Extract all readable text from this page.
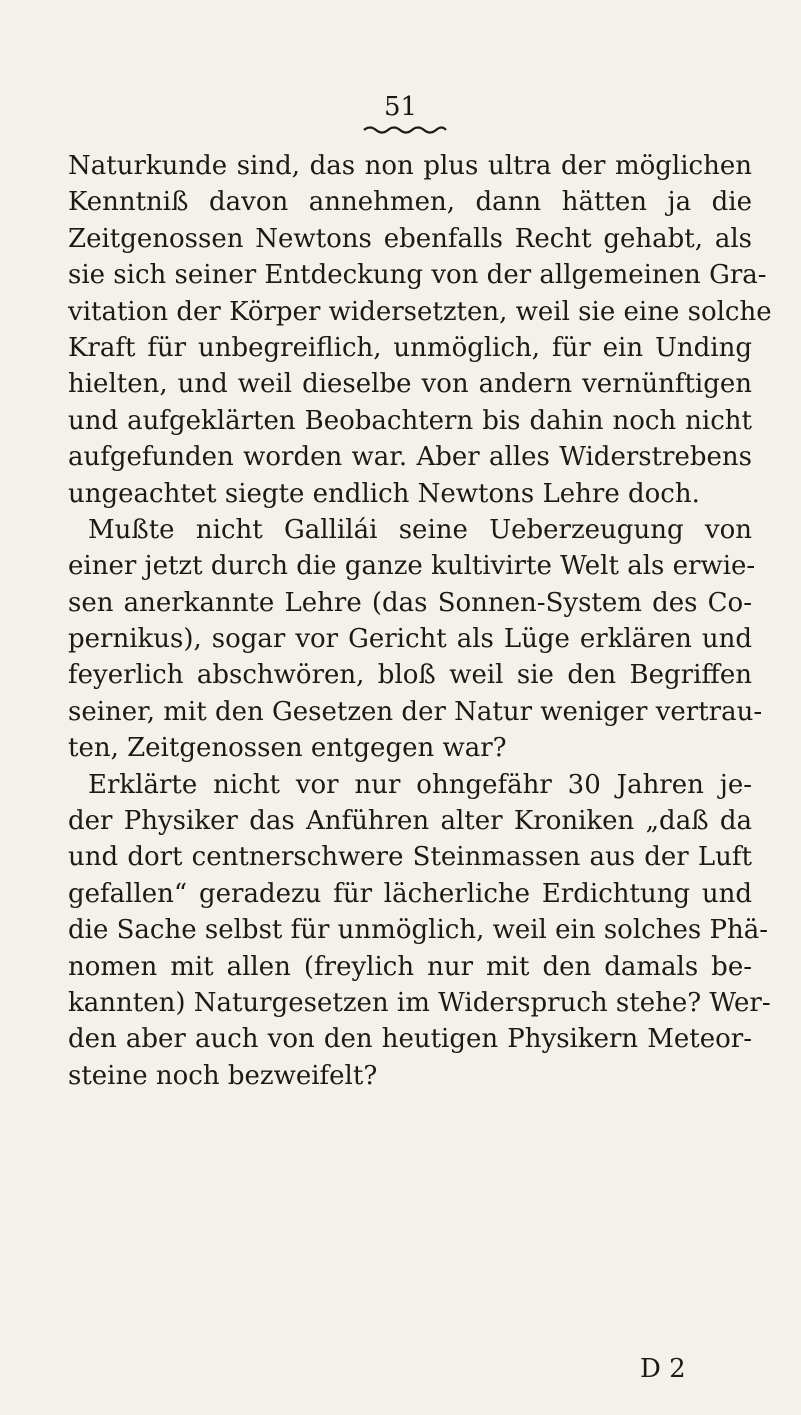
51
Naturkunde sind, das non plus ultra der möglichen
Kenntniß davon annehmen, dann hätten ja die
Zeitgenossen Newtons ebenfalls Recht gehabt, als
sie sich seiner Entdeckung von der allgemeinen Gra-
vitation der Körper widersetzten, weil sie eine solche
Kraft für unbegreiflich, unmöglich, für ein Unding
hielten, und weil dieselbe von andern vernünftigen
und aufgeklärten Beobachtern bis dahin noch nicht
aufgefunden worden war. Aber alles Widerstrebens
ungeachtet siegte endlich Newtons Lehre doch.
Mußte nicht Gallilái seine Ueberzeugung von
einer jetzt durch die ganze kultivirte Welt als erwie-
sen anerkannte Lehre (das Sonnen-System des Co-
pernikus), sogar vor Gericht als Lüge erklären und
feyerlich abschwören, bloß weil sie den Begriffen
seiner, mit den Gesetzen der Natur weniger vertrau-
ten, Zeitgenossen entgegen war?
Erklärte nicht vor nur ohngefähr 30 Jahren je-
der Physiker das Anführen alter Kroniken „daß da
und dort centnerschwere Steinmassen aus der Luft
gefallen“ geradezu für lächerliche Erdichtung und
die Sache selbst für unmöglich, weil ein solches Phä-
nomen mit allen (freylich nur mit den damals be-
kannten) Naturgesetzen im Widerspruch stehe? Wer-
den aber auch von den heutigen Physikern Meteor-
steine noch bezweifelt?
D 2
